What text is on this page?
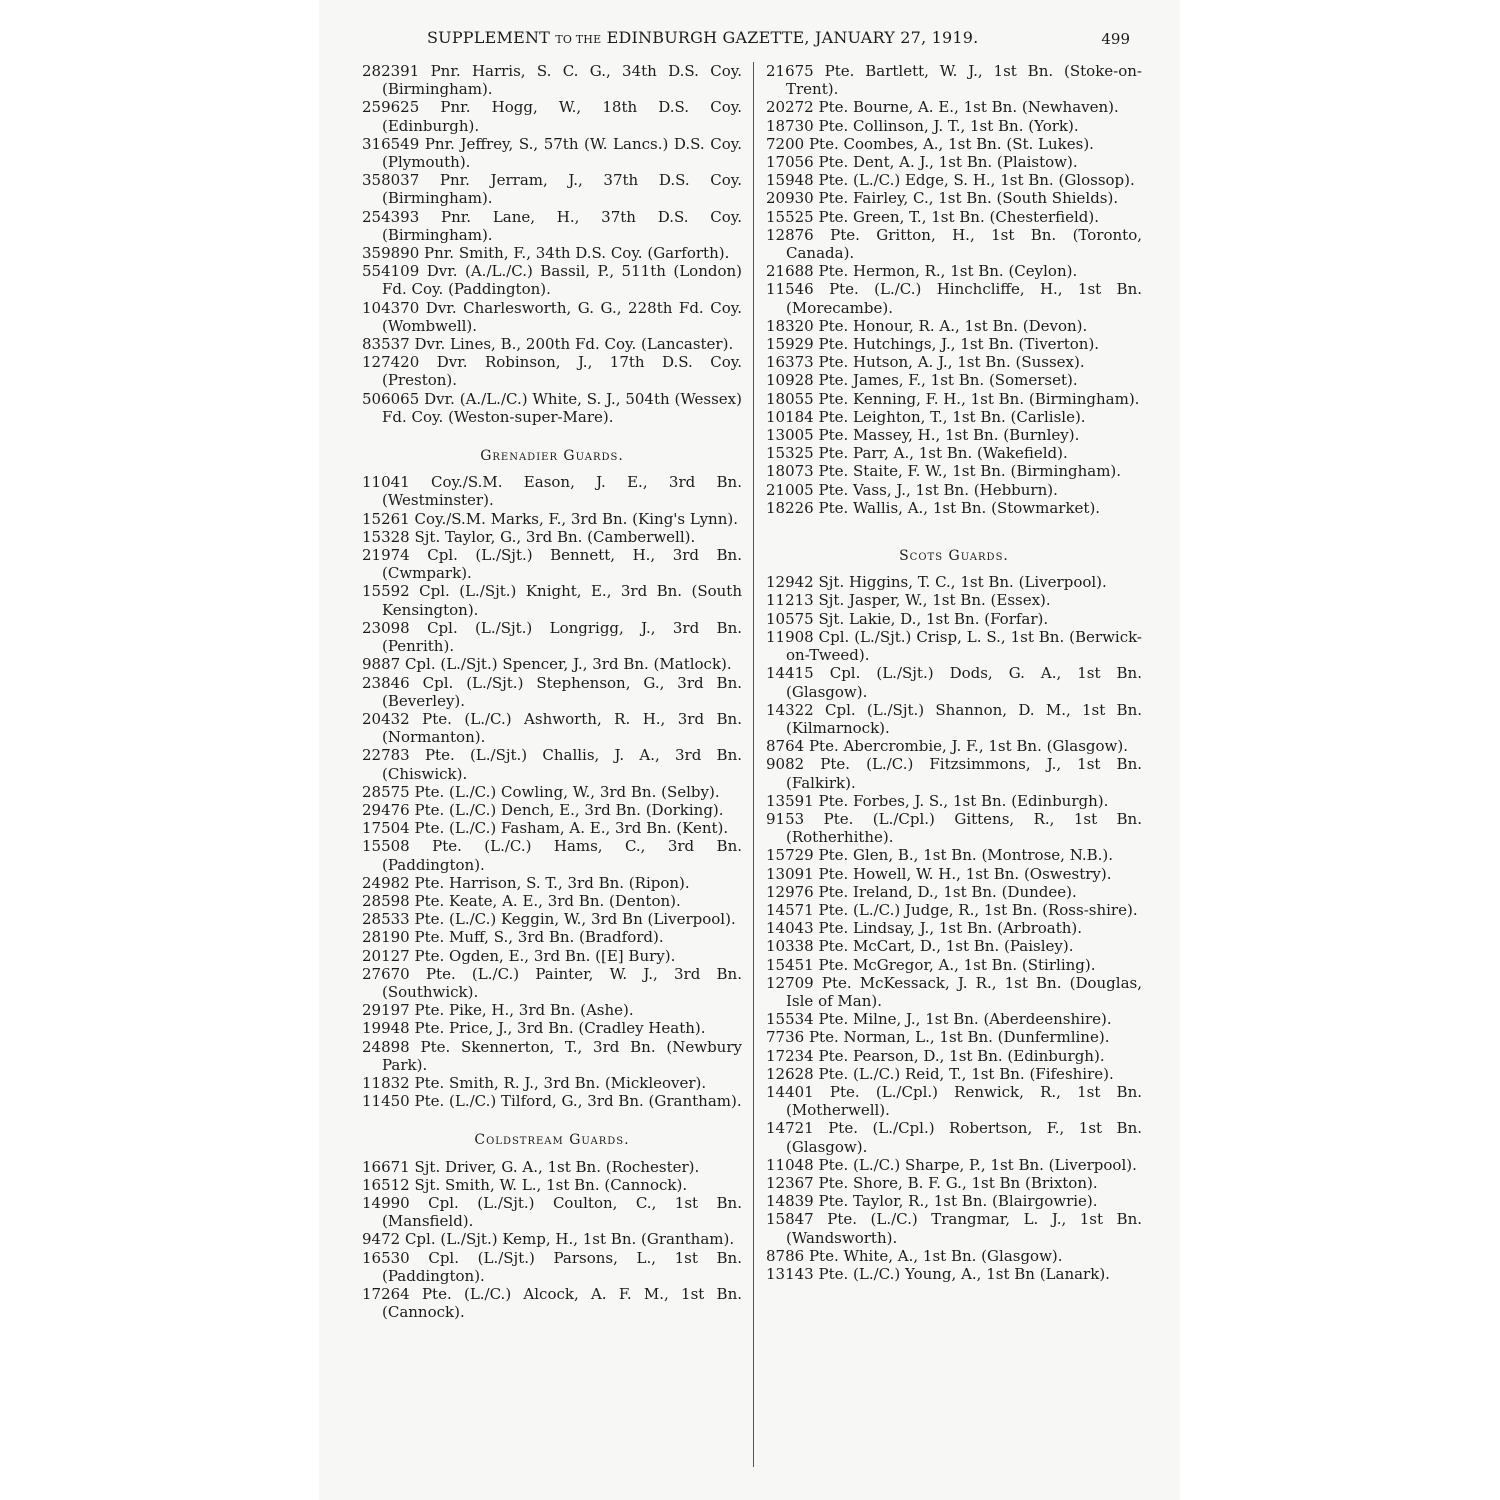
SUPPLEMENT TO THE EDINBURGH GAZETTE, JANUARY 27, 1919.	499

282391 Pnr. Harris, S. C. G., 34th D.S. Coy. (Birmingham).

259625 Pnr. Hogg, W., 18th D.S. Coy. (Edinburgh).

316549 Pnr. Jeffrey, S., 57th (W. Lancs.) D.S. Coy. (Plymouth).

358037 Pnr. Jerram, J., 37th D.S. Coy. (Birmingham).

254393 Pnr. Lane, H., 37th D.S. Coy. (Birmingham).

359890 Pnr. Smith, F., 34th D.S. Coy. (Garforth).

554109 Dvr. (A./L./C.) Bassil, P., 511th (London) Fd. Coy. (Paddington).

104370 Dvr. Charlesworth, G. G., 228th Fd. Coy. (Wombwell).

83537 Dvr. Lines, B., 200th Fd. Coy. (Lancaster).

127420 Dvr. Robinson, J., 17th D.S. Coy. (Preston).

506065 Dvr. (A./L./C.) White, S. J., 504th (Wessex) Fd. Coy. (Weston-super-Mare).

Grenadier Guards.

11041 Coy./S.M. Eason, J. E., 3rd Bn. (Westminster).

15261 Coy./S.M. Marks, F., 3rd Bn. (King's Lynn).

15328 Sjt. Taylor, G., 3rd Bn. (Camberwell).

21974 Cpl. (L./Sjt.) Bennett, H., 3rd Bn. (Cwmpark).

15592 Cpl. (L./Sjt.) Knight, E., 3rd Bn. (South Kensington).

23098 Cpl. (L./Sjt.) Longrigg, J., 3rd Bn. (Penrith).

9887 Cpl. (L./Sjt.) Spencer, J., 3rd Bn. (Matlock).

23846 Cpl. (L./Sjt.) Stephenson, G., 3rd Bn. (Beverley).

20432 Pte. (L./C.) Ashworth, R. H., 3rd Bn. (Normanton).

22783 Pte. (L./Sjt.) Challis, J. A., 3rd Bn. (Chiswick).

28575 Pte. (L./C.) Cowling, W., 3rd Bn. (Selby).

29476 Pte. (L./C.) Dench, E., 3rd Bn. (Dorking).

17504 Pte. (L./C.) Fasham, A. E., 3rd Bn. (Kent).

15508 Pte. (L./C.) Hams, C., 3rd Bn. (Paddington).

24982 Pte. Harrison, S. T., 3rd Bn. (Ripon).

28598 Pte. Keate, A. E., 3rd Bn. (Denton).

28533 Pte. (L./C.) Keggin, W., 3rd Bn (Liverpool).

28190 Pte. Muff, S., 3rd Bn. (Bradford).

20127 Pte. Ogden, E., 3rd Bn. ([E] Bury).

27670 Pte. (L./C.) Painter, W. J., 3rd Bn. (Southwick).

29197 Pte. Pike, H., 3rd Bn. (Ashe).

19948 Pte. Price, J., 3rd Bn. (Cradley Heath).

24898 Pte. Skennerton, T., 3rd Bn. (Newbury Park).

11832 Pte. Smith, R. J., 3rd Bn. (Mickleover).

11450 Pte. (L./C.) Tilford, G., 3rd Bn. (Grantham).

Coldstream Guards.

16671 Sjt. Driver, G. A., 1st Bn. (Rochester).

16512 Sjt. Smith, W. L., 1st Bn. (Cannock).

14990 Cpl. (L./Sjt.) Coulton, C., 1st Bn. (Mansfield).

9472 Cpl. (L./Sjt.) Kemp, H., 1st Bn. (Grantham).

16530 Cpl. (L./Sjt.) Parsons, L., 1st Bn. (Paddington).

17264 Pte. (L./C.) Alcock, A. F. M., 1st Bn. (Cannock).

21675 Pte. Bartlett, W. J., 1st Bn. (Stoke-on-Trent).

20272 Pte. Bourne, A. E., 1st Bn. (Newhaven).

18730 Pte. Collinson, J. T., 1st Bn. (York).

7200 Pte. Coombes, A., 1st Bn. (St. Lukes).

17056 Pte. Dent, A. J., 1st Bn. (Plaistow).

15948 Pte. (L./C.) Edge, S. H., 1st Bn. (Glossop).

20930 Pte. Fairley, C., 1st Bn. (South Shields).

15525 Pte. Green, T., 1st Bn. (Chesterfield).

12876 Pte. Gritton, H., 1st Bn. (Toronto, Canada).

21688 Pte. Hermon, R., 1st Bn. (Ceylon).

11546 Pte. (L./C.) Hinchcliffe, H., 1st Bn. (Morecambe).

18320 Pte. Honour, R. A., 1st Bn. (Devon).

15929 Pte. Hutchings, J., 1st Bn. (Tiverton).

16373 Pte. Hutson, A. J., 1st Bn. (Sussex).

10928 Pte. James, F., 1st Bn. (Somerset).

18055 Pte. Kenning, F. H., 1st Bn. (Birmingham).

10184 Pte. Leighton, T., 1st Bn. (Carlisle).

13005 Pte. Massey, H., 1st Bn. (Burnley).

15325 Pte. Parr, A., 1st Bn. (Wakefield).

18073 Pte. Staite, F. W., 1st Bn. (Birmingham).

21005 Pte. Vass, J., 1st Bn. (Hebburn).

18226 Pte. Wallis, A., 1st Bn. (Stowmarket).

Scots Guards.

12942 Sjt. Higgins, T. C., 1st Bn. (Liverpool).

11213 Sjt. Jasper, W., 1st Bn. (Essex).

10575 Sjt. Lakie, D., 1st Bn. (Forfar).

11908 Cpl. (L./Sjt.) Crisp, L. S., 1st Bn. (Berwick-on-Tweed).

14415 Cpl. (L./Sjt.) Dods, G. A., 1st Bn. (Glasgow).

14322 Cpl. (L./Sjt.) Shannon, D. M., 1st Bn. (Kilmarnock).

8764 Pte. Abercrombie, J. F., 1st Bn. (Glasgow).

9082 Pte. (L./C.) Fitzsimmons, J., 1st Bn. (Falkirk).

13591 Pte. Forbes, J. S., 1st Bn. (Edinburgh).

9153 Pte. (L./Cpl.) Gittens, R., 1st Bn. (Rotherhithe).

15729 Pte. Glen, B., 1st Bn. (Montrose, N.B.).

13091 Pte. Howell, W. H., 1st Bn. (Oswestry).

12976 Pte. Ireland, D., 1st Bn. (Dundee).

14571 Pte. (L./C.) Judge, R., 1st Bn. (Ross-shire).

14043 Pte. Lindsay, J., 1st Bn. (Arbroath).

10338 Pte. McCart, D., 1st Bn. (Paisley).

15451 Pte. McGregor, A., 1st Bn. (Stirling).

12709 Pte. McKessack, J. R., 1st Bn. (Douglas, Isle of Man).

15534 Pte. Milne, J., 1st Bn. (Aberdeenshire).

7736 Pte. Norman, L., 1st Bn. (Dunfermline).

17234 Pte. Pearson, D., 1st Bn. (Edinburgh).

12628 Pte. (L./C.) Reid, T., 1st Bn. (Fifeshire).

14401 Pte. (L./Cpl.) Renwick, R., 1st Bn. (Motherwell).

14721 Pte. (L./Cpl.) Robertson, F., 1st Bn. (Glasgow).

11048 Pte. (L./C.) Sharpe, P., 1st Bn. (Liverpool).

12367 Pte. Shore, B. F. G., 1st Bn (Brixton).

14839 Pte. Taylor, R., 1st Bn. (Blairgowrie).

15847 Pte. (L./C.) Trangmar, L. J., 1st Bn. (Wandsworth).

8786 Pte. White, A., 1st Bn. (Glasgow).

13143 Pte. (L./C.) Young, A., 1st Bn (Lanark).
